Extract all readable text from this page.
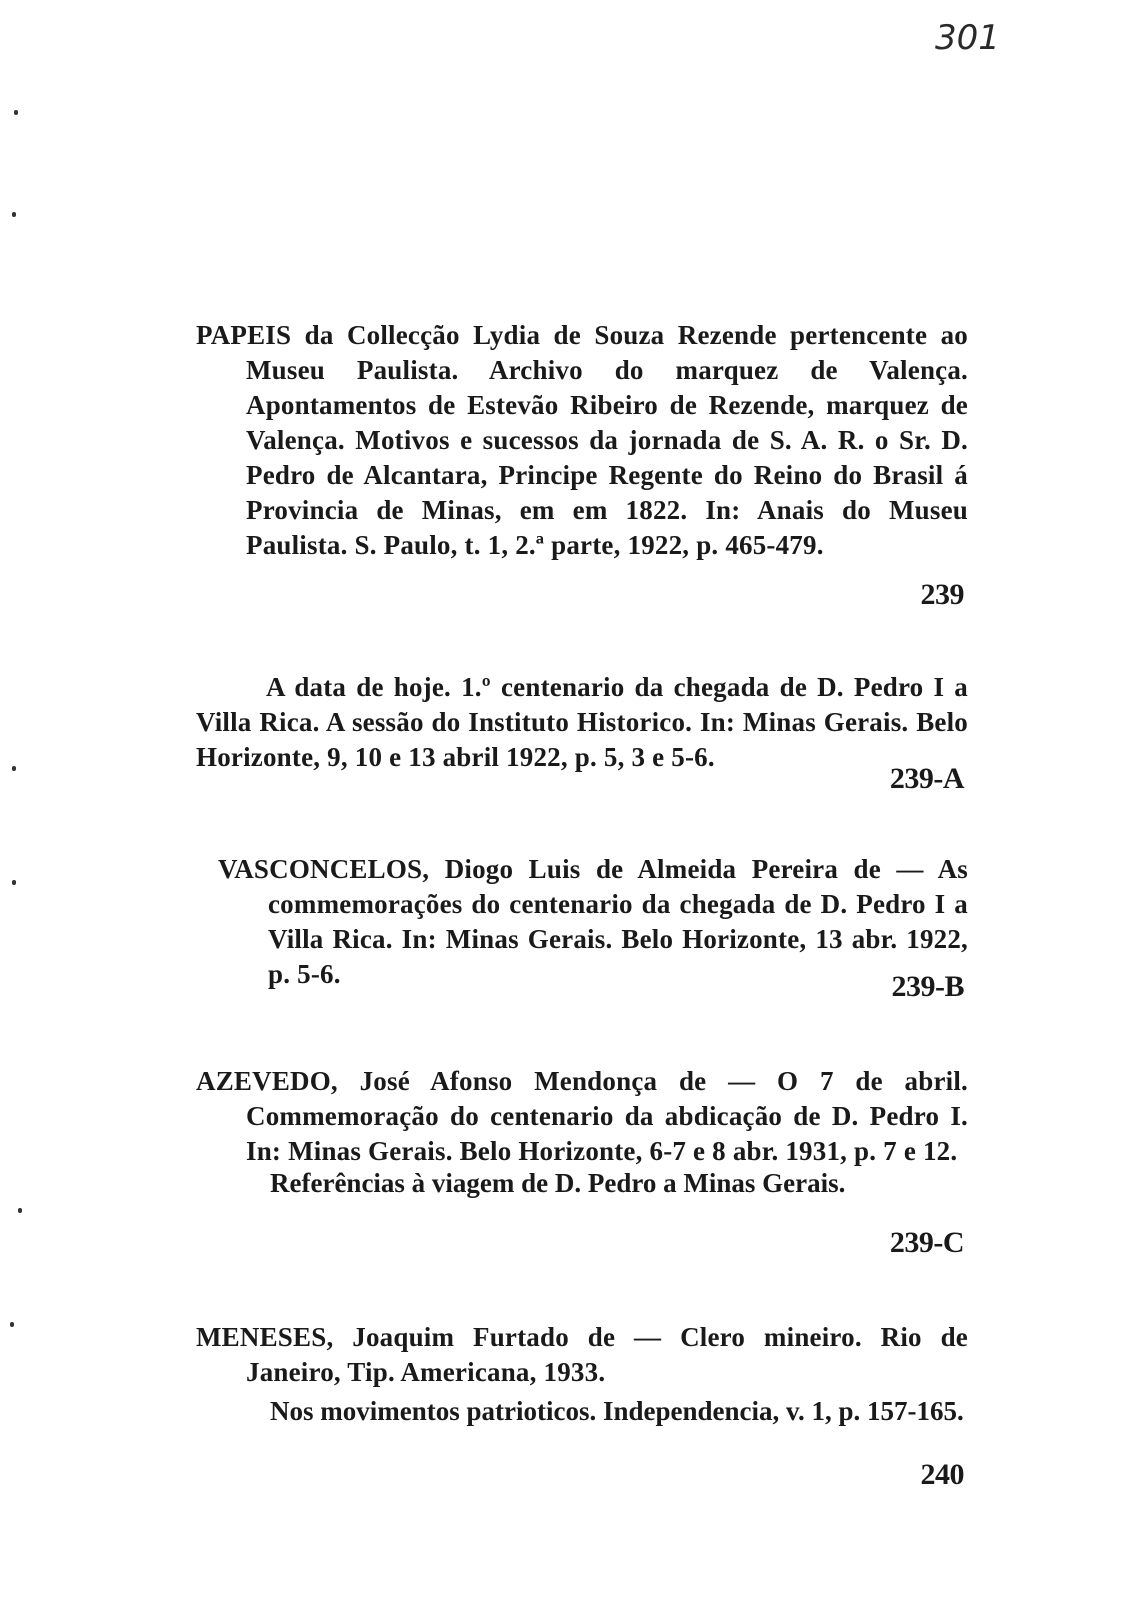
301

PAPEIS da Collecção Lydia de Souza Rezende pertencente ao Museu Paulista. Archivo do marquez de Valença. Apontamentos de Estevão Ribeiro de Rezende, marquez de Valença. Motivos e sucessos da jornada de S. A. R. o Sr. D. Pedro de Alcantara, Principe Regente do Reino do Brasil á Provincia de Minas, em em 1822. In: Anais do Museu Paulista. S. Paulo, t. 1, 2.ª parte, 1922, p. 465-479.

239

A data de hoje. 1.º centenario da chegada de D. Pedro I a Villa Rica. A sessão do Instituto Historico. In: Minas Gerais. Belo Horizonte, 9, 10 e 13 abril 1922, p. 5, 3 e 5-6.

239-A

VASCONCELOS, Diogo Luis de Almeida Pereira de — As commemorações do centenario da chegada de D. Pedro I a Villa Rica. In: Minas Gerais. Belo Horizonte, 13 abr. 1922, p. 5-6.	239-B

AZEVEDO, José Afonso Mendonça de — O 7 de abril. Commemoração do centenario da abdicação de D. Pedro I. In: Minas Gerais. Belo Horizonte, 6-7 e 8 abr. 1931, p. 7 e 12.

Referências à viagem de D. Pedro a Minas Gerais.
239-C

MENESES, Joaquim Furtado de — Clero mineiro. Rio de Janeiro, Tip. Americana, 1933.

Nos movimentos patrioticos. Independencia, v. 1, p. 157-165.
240
